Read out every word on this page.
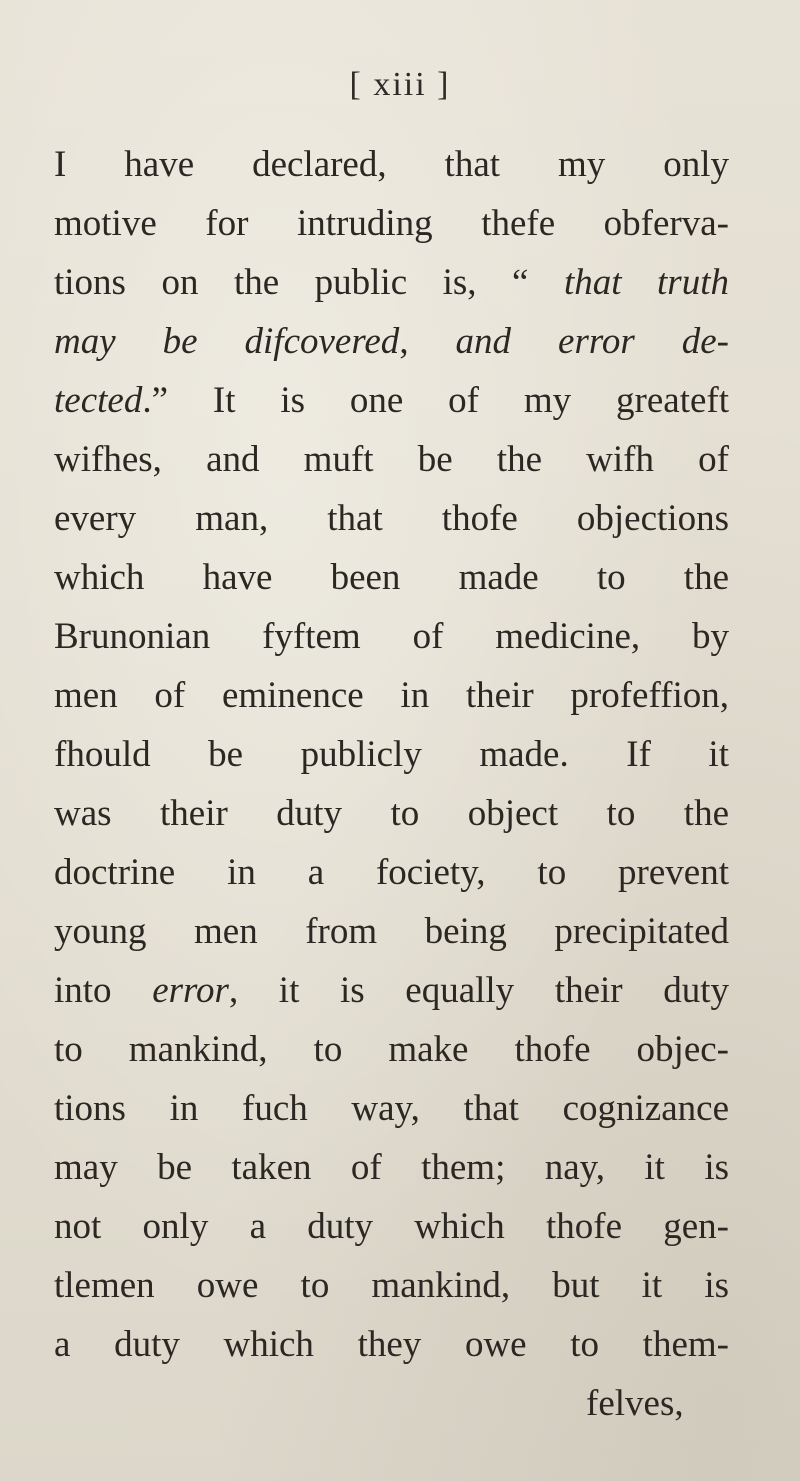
[ xiii ]
I have declared, that my only
motive for intruding thefe obferva-
tions on the public is, “ that truth
may be difcovered, and error de-
tected.” It is one of my greateft
wifhes, and muft be the wifh of
every man, that thofe objections
which have been made to the
Brunonian fyftem of medicine, by
men of eminence in their profeffion,
fhould be publicly made. If it
was their duty to object to the
doctrine in a fociety, to prevent
young men from being precipitated
into error, it is equally their duty
to mankind, to make thofe objec-
tions in fuch way, that cognizance
may be taken of them; nay, it is
not only a duty which thofe gen-
tlemen owe to mankind, but it is
a duty which they owe to them-
felves,
